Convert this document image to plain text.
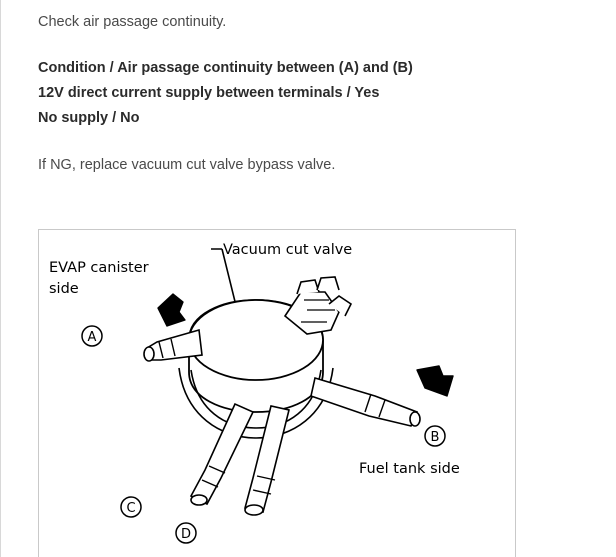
Check air passage continuity.
Condition / Air passage continuity between (A) and (B)
12V direct current supply between terminals / Yes
No supply / No
If NG, replace vacuum cut valve bypass valve.
Vacuum cut valve
EVAP canister
side
Fuel tank side
A
B
C
D
